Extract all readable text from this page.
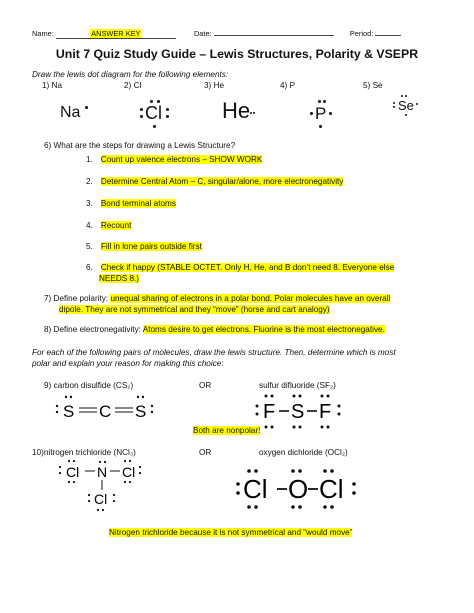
Name:	ANSWER KEY	Date:	Period:
Unit 7 Quiz Study Guide – Lewis Structures, Polarity & VSEPR
Draw the lewis dot diagram for the following elements:
1) Na	2) Cl	3) He	4) P	5) Se
Na	Cl	He	P	Se
6) What are the steps for drawing a Lewis Structure?
1. Count up valence electrons – SHOW WORK
2. Determine Central Atom – C, singular/alone, more electronegativity
3. Bond terminal atoms
4. Recount
5. Fill in lone pairs outside first
6. Check if happy (STABLE OCTET. Only H, He, and B don’t need 8. Everyone else
NEEDS 8.)
7) Define polarity: unequal sharing of electrons in a polar bond. Polar molecules have an overall
dipole. They are not symmetrical and they “move” (horse and cart analogy)
8) Define electronegativity: Atoms desire to get electrons. Fluorine is the most electronegative.
For each of the following pairs of molecules, draw the lewis structure. Then, determine which is most
polar and explain your reason for making this choice:
9) carbon disulfide (CS₂)	OR	sulfur difluoride (SF₂)
S C S	F S F
Both are nonpolar!
10)nitrogen trichloride (NCl₃)	OR	oxygen dichloride (OCl₂)
Cl N Cl
Cl	Cl O Cl
Nitrogen trichloride because it is not symmetrical and “would move”
